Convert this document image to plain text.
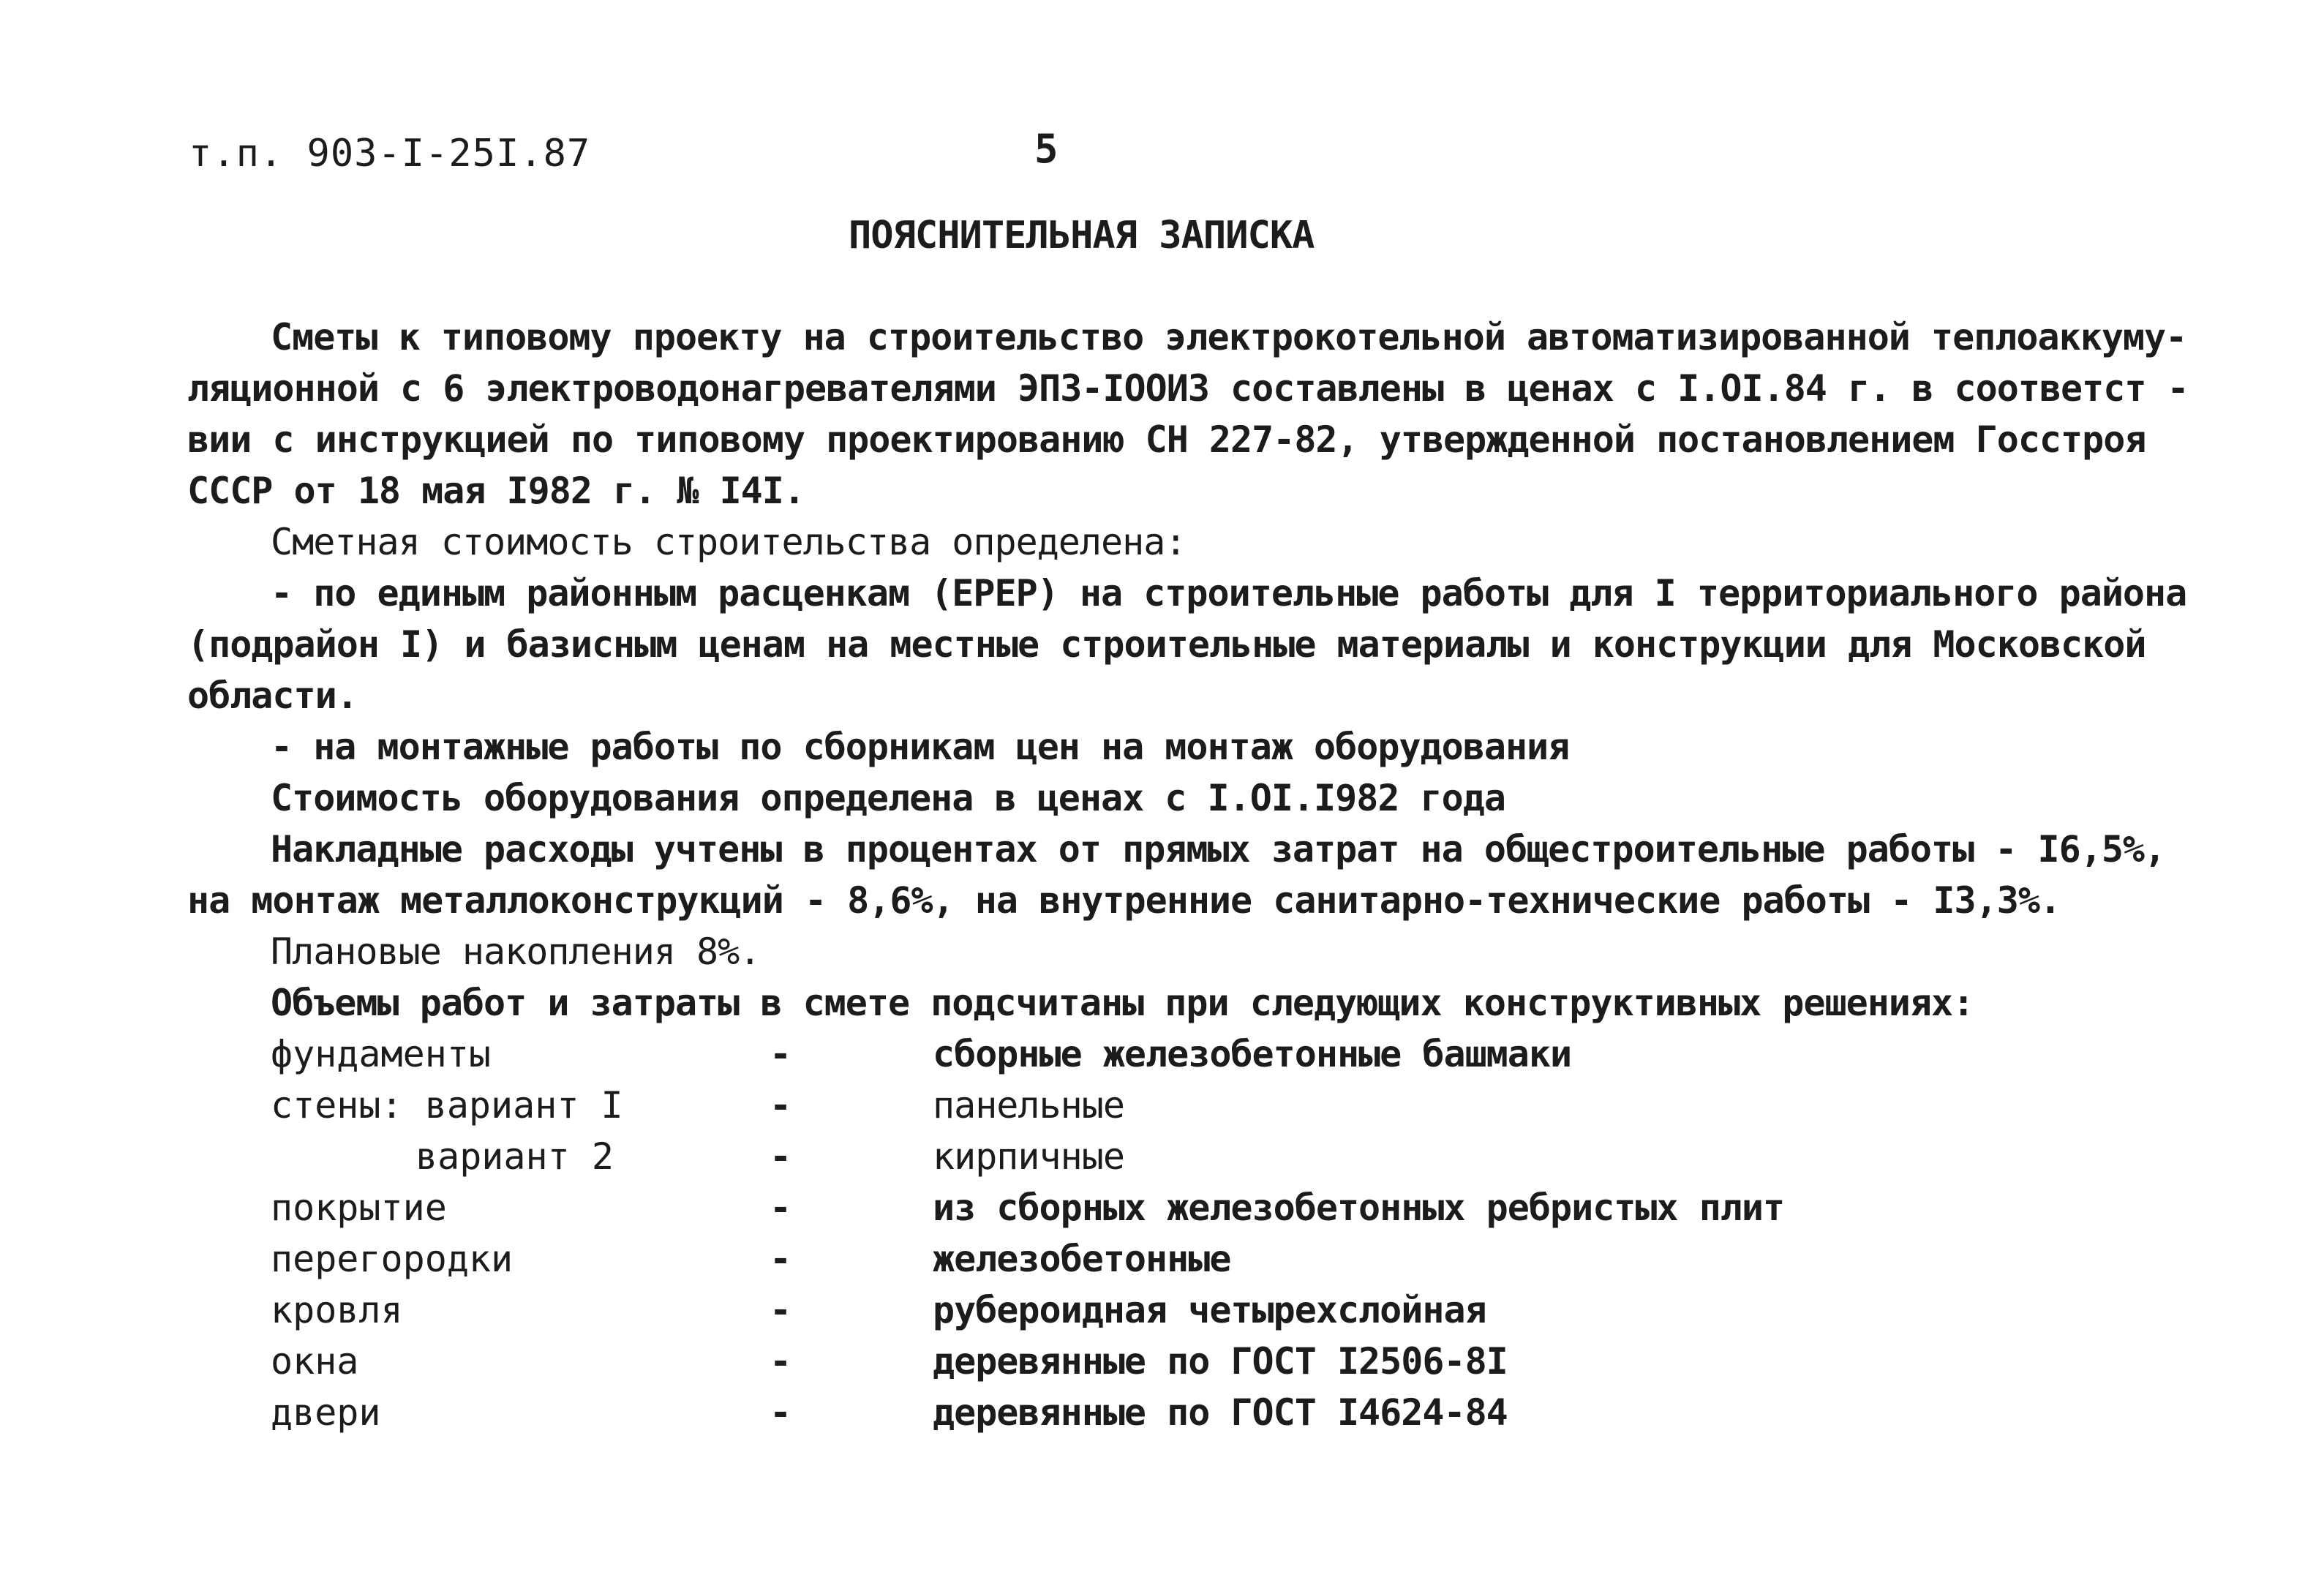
т.п. 903-I-25I.87	5
ПОЯСНИТЕЛЬНАЯ ЗАПИСКА
Сметы к типовому проекту на строительство электрокотельной автоматизированной теплоаккуму-
ляционной с 6 электроводонагревателями ЭПЗ-IООИЗ составлены в ценах с I.OI.84 г. в соответст -
вии с инструкцией по типовому проектированию СН 227-82, утвержденной постановлением Госстроя
СССР от 18 мая I982 г. № I4I.
Сметная стоимость строительства определена:
- по единым районным расценкам (ЕРЕР) на строительные работы для I территориального района
(подрайон I) и базисным ценам на местные строительные материалы и конструкции для Московской
области.
- на монтажные работы по сборникам цен на монтаж оборудования
Стоимость оборудования определена в ценах с I.OI.I982 года
Накладные расходы учтены в процентах от прямых затрат на общестроительные работы - I6,5%,
на монтаж металлоконструкций - 8,6%, на внутренние санитарно-технические работы - I3,3%.
Плановые накопления 8%.
Объемы работ и затраты в смете подсчитаны при следующих конструктивных решениях:
фундаменты	-	сборные железобетонные башмаки
стены: вариант I	-	панельные
вариант 2	-	кирпичные
покрытие	-	из сборных железобетонных ребристых плит
перегородки	-	железобетонные
кровля	-	рубероидная четырехслойная
окна	-	деревянные по ГОСТ I2506-8I
двери	-	деревянные по ГОСТ I4624-84
